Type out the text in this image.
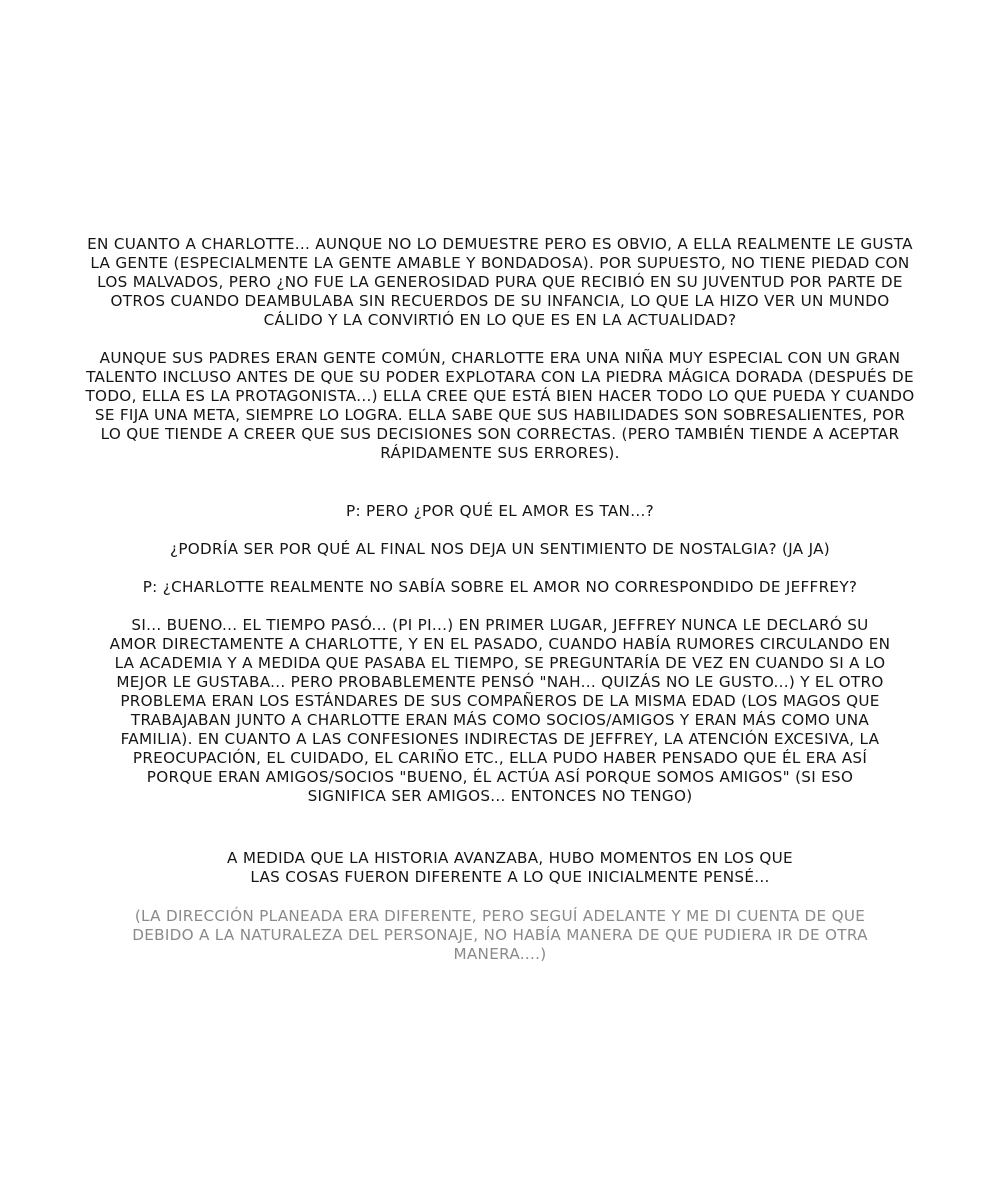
EN CUANTO A CHARLOTTE... AUNQUE NO LO DEMUESTRE PERO ES OBVIO, A ELLA REALMENTE LE GUSTA
LA GENTE (ESPECIALMENTE LA GENTE AMABLE Y BONDADOSA). POR SUPUESTO, NO TIENE PIEDAD CON
LOS MALVADOS, PERO ¿NO FUE LA GENEROSIDAD PURA QUE RECIBIÓ EN SU JUVENTUD POR PARTE DE
OTROS CUANDO DEAMBULABA SIN RECUERDOS DE SU INFANCIA, LO QUE LA HIZO VER UN MUNDO
CÁLIDO Y LA CONVIRTIÓ EN LO QUE ES EN LA ACTUALIDAD?

AUNQUE SUS PADRES ERAN GENTE COMÚN, CHARLOTTE ERA UNA NIÑA MUY ESPECIAL CON UN GRAN
TALENTO INCLUSO ANTES DE QUE SU PODER EXPLOTARA CON LA PIEDRA MÁGICA DORADA (DESPUÉS DE
TODO, ELLA ES LA PROTAGONISTA...) ELLA CREE QUE ESTÁ BIEN HACER TODO LO QUE PUEDA Y CUANDO
SE FIJA UNA META, SIEMPRE LO LOGRA. ELLA SABE QUE SUS HABILIDADES SON SOBRESALIENTES, POR
LO QUE TIENDE A CREER QUE SUS DECISIONES SON CORRECTAS. (PERO TAMBIÉN TIENDE A ACEPTAR
RÁPIDAMENTE SUS ERRORES).

P: PERO ¿POR QUÉ EL AMOR ES TAN...?

¿PODRÍA SER POR QUÉ AL FINAL NOS DEJA UN SENTIMIENTO DE NOSTALGIA? (JA JA)

P: ¿CHARLOTTE REALMENTE NO SABÍA SOBRE EL AMOR NO CORRESPONDIDO DE JEFFREY?

SI... BUENO... EL TIEMPO PASÓ... (PI PI...) EN PRIMER LUGAR, JEFFREY NUNCA LE DECLARÓ SU
AMOR DIRECTAMENTE A CHARLOTTE, Y EN EL PASADO, CUANDO HABÍA RUMORES CIRCULANDO EN
LA ACADEMIA Y A MEDIDA QUE PASABA EL TIEMPO, SE PREGUNTARÍA DE VEZ EN CUANDO SI A LO
MEJOR LE GUSTABA... PERO PROBABLEMENTE PENSÓ "NAH... QUIZÁS NO LE GUSTO...) Y EL OTRO
PROBLEMA ERAN LOS ESTÁNDARES DE SUS COMPAÑEROS DE LA MISMA EDAD (LOS MAGOS QUE
TRABAJABAN JUNTO A CHARLOTTE ERAN MÁS COMO SOCIOS/AMIGOS Y ERAN MÁS COMO UNA
FAMILIA). EN CUANTO A LAS CONFESIONES INDIRECTAS DE JEFFREY, LA ATENCIÓN EXCESIVA, LA
PREOCUPACIÓN, EL CUIDADO, EL CARIÑO ETC., ELLA PUDO HABER PENSADO QUE ÉL ERA ASÍ
PORQUE ERAN AMIGOS/SOCIOS "BUENO, ÉL ACTÚA ASÍ PORQUE SOMOS AMIGOS" (SI ESO
SIGNIFICA SER AMIGOS... ENTONCES NO TENGO)

A MEDIDA QUE LA HISTORIA AVANZABA, HUBO MOMENTOS EN LOS QUE
LAS COSAS FUERON DIFERENTE A LO QUE INICIALMENTE PENSÉ...

(LA DIRECCIÓN PLANEADA ERA DIFERENTE, PERO SEGUÍ ADELANTE Y ME DI CUENTA DE QUE
DEBIDO A LA NATURALEZA DEL PERSONAJE, NO HABÍA MANERA DE QUE PUDIERA IR DE OTRA
MANERA....)
